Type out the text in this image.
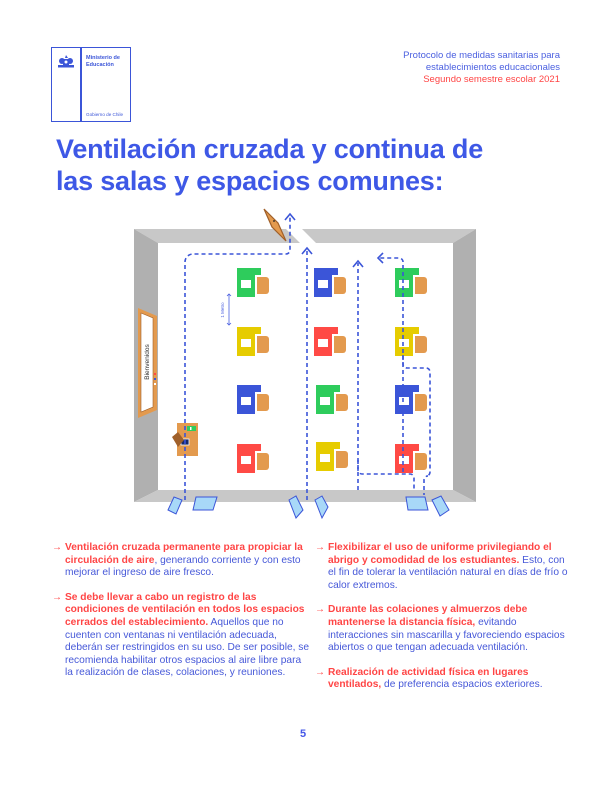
Ministerio de
Educación
Gobierno de Chile
Protocolo de medidas sanitarias para
establecimientos educacionales
Segundo semestre escolar 2021
Ventilación cruzada y continua de
las salas y espacios comunes:
Bienvenidos
1 Metro
→ Ventilación cruzada permanente para propiciar la circulación de aire, generando corriente y con esto mejorar el ingreso de aire fresco.
→ Se debe llevar a cabo un registro de las condiciones de ventilación en todos los espacios cerrados del establecimiento. Aquellos que no cuenten con ventanas ni ventilación adecuada, deberán ser restringidos en su uso. De ser posible, se recomienda habilitar otros espacios al aire libre para la realización de clases, colaciones, y reuniones.
→ Flexibilizar el uso de uniforme privilegiando el abrigo y comodidad de los estudiantes. Esto, con el fin de tolerar la ventilación natural en días de frío o calor extremos.
→ Durante las colaciones y almuerzos debe mantenerse la distancia física, evitando interacciones sin mascarilla y favoreciendo espacios abiertos o que tengan adecuada ventilación.
→ Realización de actividad física en lugares ventilados, de preferencia espacios exteriores.
5
